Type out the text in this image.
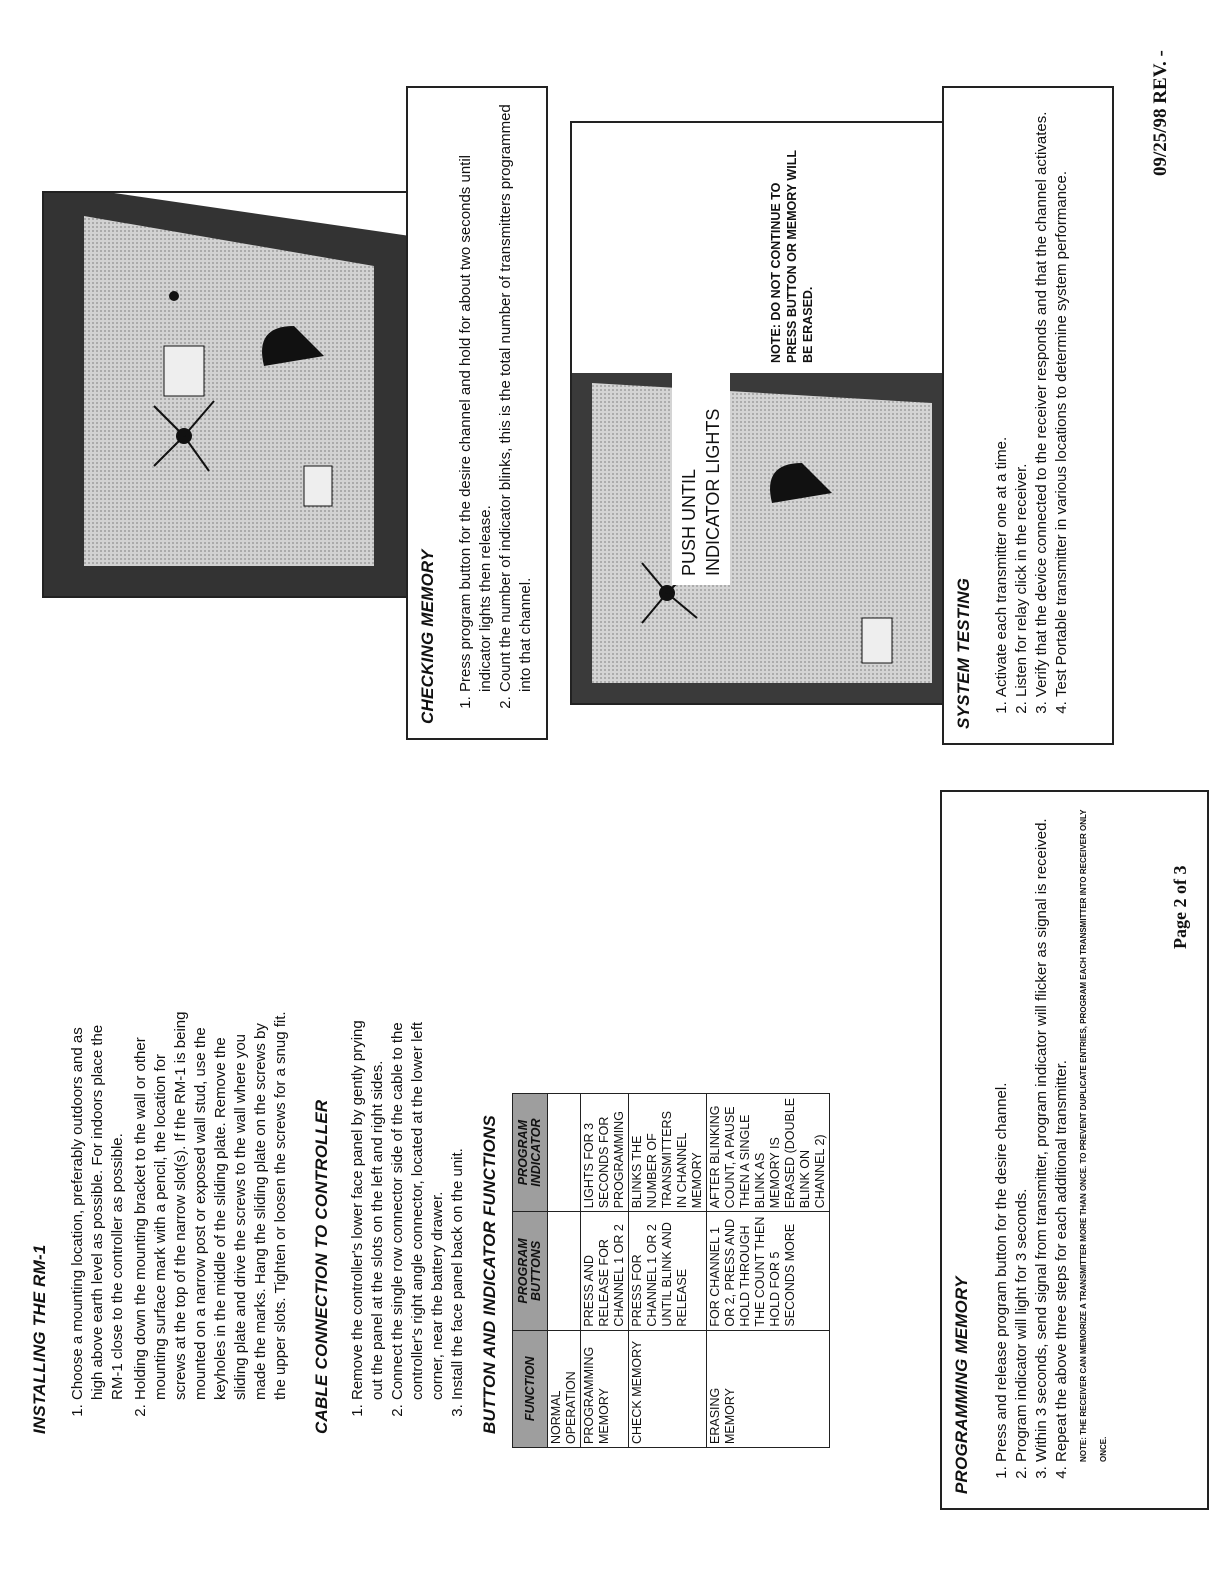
INSTALLING THE RM-1 1. Choose a mounting location, preferably outdoors and as high above earth level as possible. For indoors place the RM-1 close to the controller as possible. 2. Holding down the mounting bracket to the wall or other mounting surface mark with a pencil, the location for screws at the top of the narrow slot(s). If the RM-1 is being mounted on a narrow post or exposed wall stud, use the keyholes in the middle of the sliding plate. Remove the sliding plate and drive the screws to the wall where you made the marks. Hang the sliding plate on the screws by the upper slots. Tighten or loosen the screws for a snug fit. CABLE CONNECTION TO CONTROLLER 1. Remove the controller's lower face panel by gently prying out the panel at the slots on the left and right sides. 2. Connect the single row connector side of the cable to the controller's right angle connector, located at the lower left corner, near the battery drawer. 3. Install the face panel back on the unit. BUTTON AND INDICATOR FUNCTIONS FUNCTION	PROGRAM BUTTONS	PROGRAM INDICATOR
NORMAL OPERATION		
PROGRAMMING MEMORY	PRESS AND RELEASE FOR CHANNEL 1 OR 2	LIGHTS FOR 3 SECONDS FOR PROGRAMMING
CHECK MEMORY	PRESS FOR CHANNEL 1 OR 2 UNTIL BLINK AND RELEASE	BLINKS THE NUMBER OF TRANSMITTERS IN CHANNEL MEMORY
ERASING MEMORY	FOR CHANNEL 1 OR 2, PRESS AND HOLD THROUGH THE COUNT THEN HOLD FOR 5 SECONDS MORE	AFTER BLINKING COUNT, A PAUSE THEN A SINGLE BLINK AS MEMORY IS ERASED (DOUBLE BLINK ON CHANNEL 2)
PROGRAMMING MEMORY 1. Press and release program button for the desire channel. 2. Program indicator will light for 3 seconds. 3. Within 3 seconds, send signal from transmitter, program indicator will flicker as signal is received. 4. Repeat the above three steps for each additional transmitter. NOTE: THE RECEIVER CAN MEMORIZE A TRANSMITTER MORE THAN ONCE. TO PREVENT DUPLICATE ENTRIES, PROGRAM EACH TRANSMITTER INTO RECEIVER ONLY ONCE.
Page 2 of 3
CHECKING MEMORY 1. Press program button for the desire channel and hold for about two seconds until indicator lights then release. 2. Count the number of indicator blinks, this is the total number of transmitters programmed into that channel.
PUSH UNTIL
INDICATOR LIGHTS
NOTE: DO NOT CONTINUE TO PRESS BUTTON OR MEMORY WILL BE ERASED.
SYSTEM TESTING 1. Activate each transmitter one at a time. 2. Listen for relay click in the receiver. 3. Verify that the device connected to the receiver responds and that the channel activates. 4. Test Portable transmitter in various locations to determine system performance.
09/25/98 REV. -
